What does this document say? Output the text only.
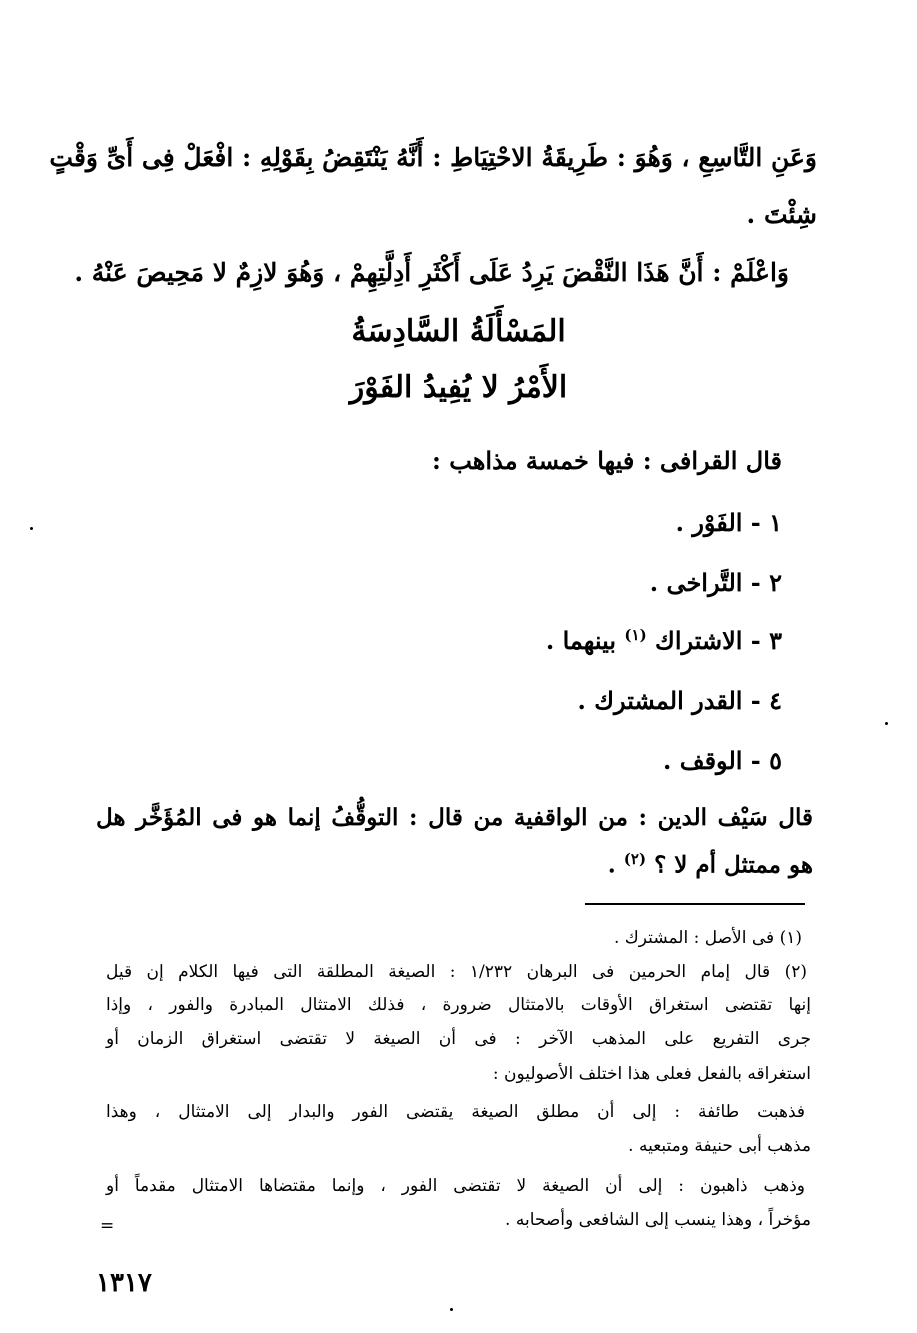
وَعَنِ التَّاسِعِ ، وَهُوَ : طَرِيقَةُ الاحْتِيَاطِ : أَنَّهُ يَنْتَقِضُ بِقَوْلِهِ : افْعَلْ فِى أَىِّ وَقْتٍ
شِئْتَ .
وَاعْلَمْ : أَنَّ هَذَا النَّقْضَ يَرِدُ عَلَى أَكْثَرِ أَدِلَّتِهِمْ ، وَهُوَ لازِمٌ لا مَحِيصَ عَنْهُ .
المَسْأَلَةُ السَّادِسَةُ
الأَمْرُ لا يُفِيدُ الفَوْرَ
قال القرافى : فيها خمسة مذاهب :
١ - الفَوْر .
٢ - التَّراخى .
٣ - الاشتراك $^{(١)}$ بينهما .
٤ - القدر المشترك .
٥ - الوقف .
قال سَيْف الدين : من الواقفية من قال : التوقُّفُ إنما هو فى المُؤَخَّر هل
هو ممتثل أم لا ؟ $^{(٢)}$ .
(١) فى الأصل : المشترك .
(٢) قال إمام الحرمين فى البرهان ١/٢٣٢ : الصيغة المطلقة التى فيها الكلام إن قيل
إنها تقتضى استغراق الأوقات بالامتثال ضرورة ، فذلك الامتثال المبادرة والفور ، وإذا
جرى التفريع على المذهب الآخر : فى أن الصيغة لا تقتضى استغراق الزمان أو
استغراقه بالفعل فعلى هذا اختلف الأصوليون :
فذهبت طائفة : إلى أن مطلق الصيغة يقتضى الفور والبدار إلى الامتثال ، وهذا
مذهب أبى حنيفة ومتبعيه .
وذهب ذاهبون : إلى أن الصيغة لا تقتضى الفور ، وإنما مقتضاها الامتثال مقدماً أو
مؤخراً ، وهذا ينسب إلى الشافعى وأصحابه .
=
١٣١٧
